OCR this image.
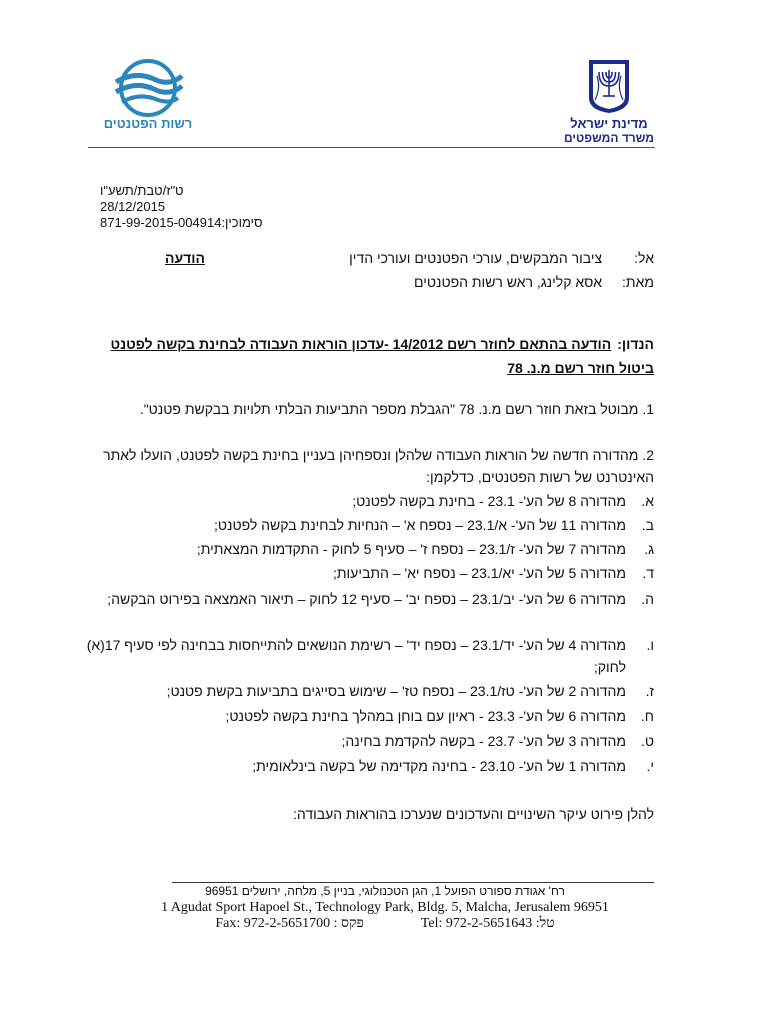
מדינת ישראל
משרד המשפטים
רשות הפטנטים
ט"ז/טבת/תשע"ו
28/12/2015
סימוכין:871-99-2015-004914
הודעה	אל: ציבור המבקשים, עורכי הפטנטים ועורכי הדין
מאת: אסא קלינג, ראש רשות הפטנטים
הנדון:הודעה בהתאם לחוזר רשם 14/2012 -עדכון הוראות העבודה לבחינת בקשה לפטנט
ביטול חוזר רשם מ.נ. 78
1. מבוטל בזאת חוזר רשם מ.נ. 78 "הגבלת מספר התביעות הבלתי תלויות בבקשת פטנט".
2. מהדורה חדשה של הוראות העבודה שלהלן ונספחיהן בעניין בחינת בקשה לפטנט, הועלו לאתר האינטרנט של רשות הפטנטים, כדלקמן:
א.
מהדורה 8 של הע'- 23.1 - בחינת בקשה לפטנט;
ב.
מהדורה 11 של הע'- א/23.1 – נספח א' – הנחיות לבחינת בקשה לפטנט;
ג.
מהדורה 7 של הע'- ז/23.1 – נספח ז' – סעיף 5 לחוק - התקדמות המצאתית;
ד.
מהדורה 5 של הע'- יא/23.1 – נספח יא' – התביעות;
ה.
מהדורה 6 של הע'- יב/23.1 – נספח יב' – סעיף 12 לחוק – תיאור האמצאה בפירוט הבקשה;
ו.
מהדורה 4 של הע'- יד/23.1 – נספח יד' – רשימת הנושאים להתייחסות בבחינה לפי סעיף 17(א) לחוק;
ז.
מהדורה 2 של הע'- טז/23.1 – נספח טז' – שימוש בסייגים בתביעות בקשת פטנט;
ח.
מהדורה 6 של הע'- 23.3 - ראיון עם בוחן במהלך בחינת בקשה לפטנט;
ט.
מהדורה 3 של הע'- 23.7 - בקשה להקדמת בחינה;
י.
מהדורה 1 של הע'- 23.10 - בחינה מקדימה של בקשה בינלאומית;
להלן פירוט עיקר השינויים והעדכונים שנערכו בהוראות העבודה:
רח' אגודת ספורט הפועל 1, הגן הטכנולוגי, בניין 5, מלחה, ירושלים 96951
1 Agudat Sport Hapoel St., Technology Park, Bldg. 5, Malcha, Jerusalem 96951
Fax: 972-2-5651700 : פקס	Tel: 972-2-5651643 :טל
